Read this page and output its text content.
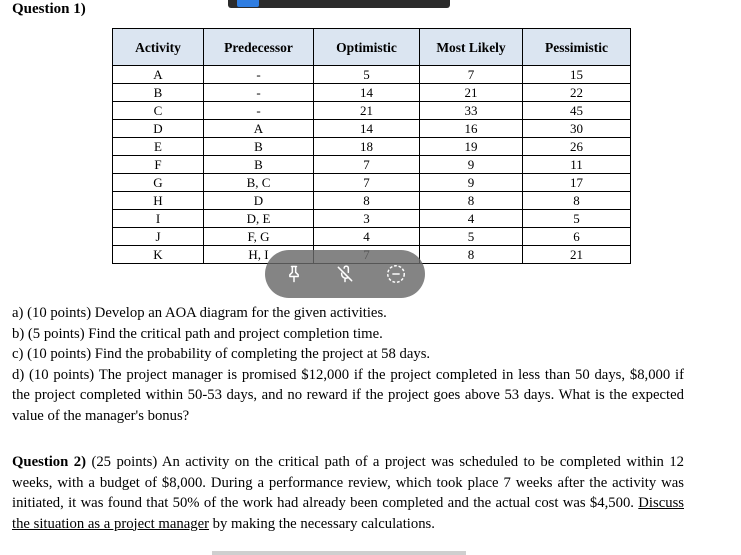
Question 1)
Activity	Predecessor	Optimistic	Most Likely	Pessimistic
A	-	5	7	15
B	-	14	21	22
C	-	21	33	45
D	A	14	16	30
E	B	18	19	26
F	B	7	9	11
G	B, C	7	9	17
H	D	8	8	8
I	D, E	3	4	5
J	F, G	4	5	6
K	H, I		8	21

a) (10 points) Develop an AOA diagram for the given activities.

b) (5 points) Find the critical path and project completion time.

c) (10 points) Find the probability of completing the project at 58 days.

d) (10 points) The project manager is promised $12,000 if the project completed in less than 50 days, $8,000 if the project completed within 50-53 days, and no reward if the project goes above 53 days. What is the expected value of the manager's bonus?

Question 2) (25 points) An activity on the critical path of a project was scheduled to be completed within 12 weeks, with a budget of $8,000. During a performance review, which took place 7 weeks after the activity was initiated, it was found that 50% of the work had already been completed and the actual cost was $4,500. Discuss the situation as a project manager by making the necessary calculations.
